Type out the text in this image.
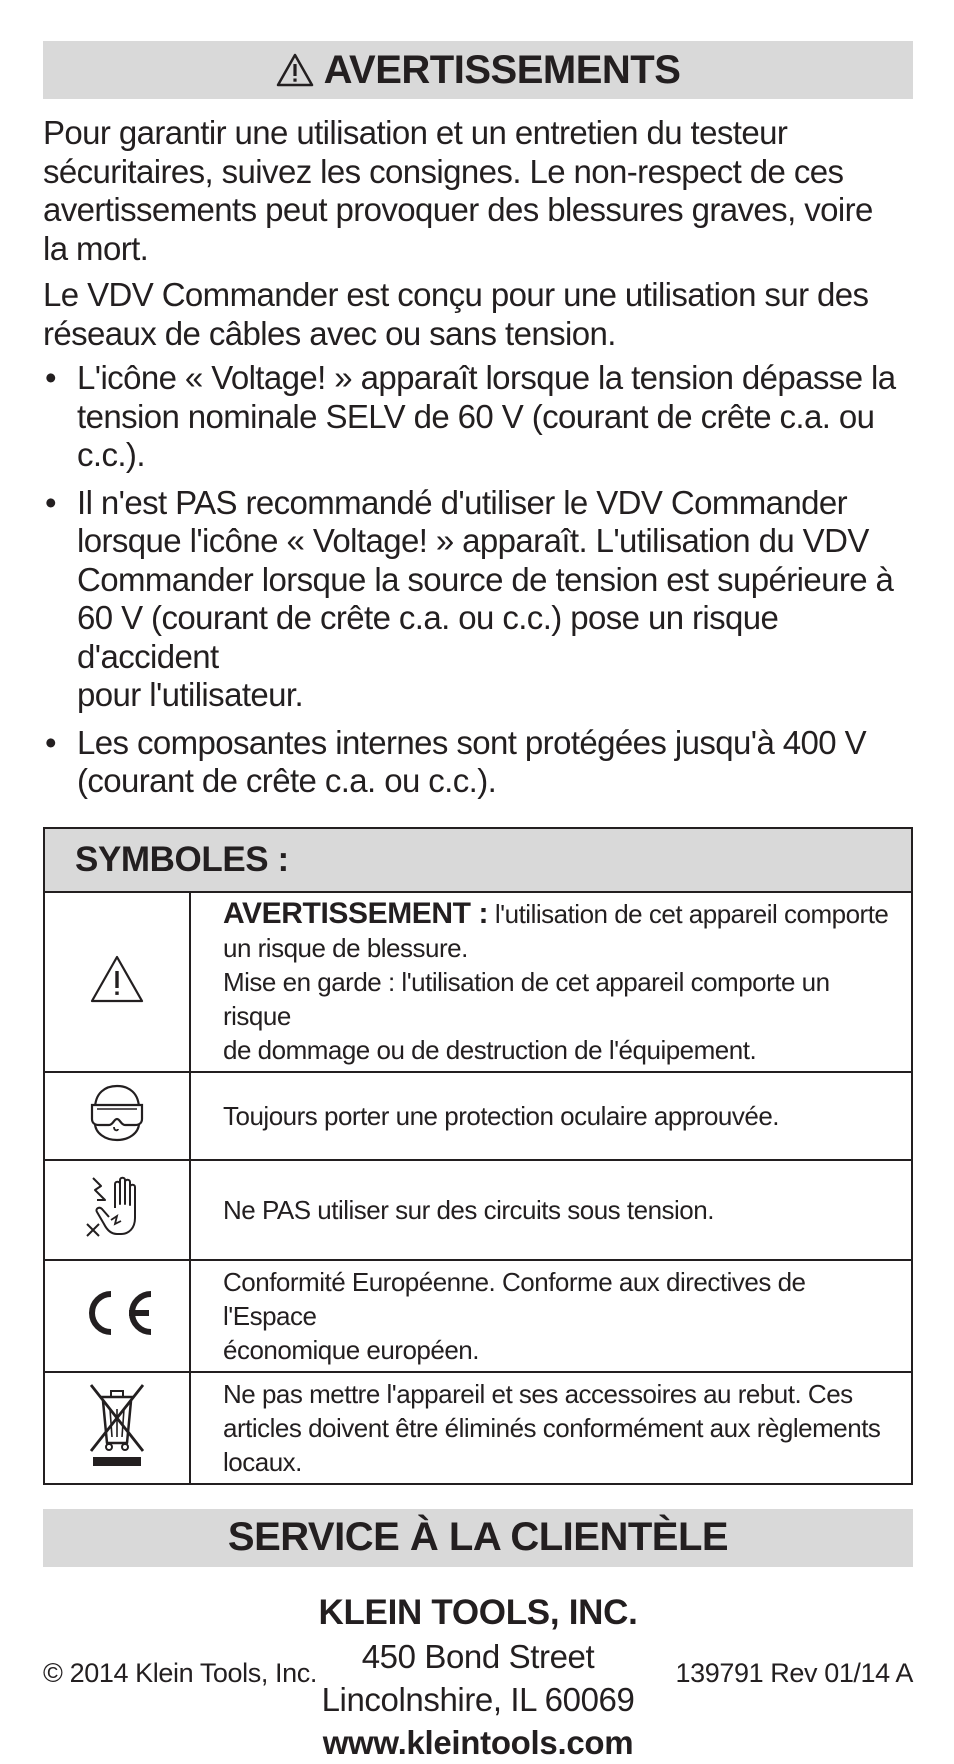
AVERTISSEMENTS

Pour garantir une utilisation et un entretien du testeur
sécuritaires, suivez les consignes. Le non-respect de ces
avertissements peut provoquer des blessures graves, voire
la mort.

Le VDV Commander est conçu pour une utilisation sur des
réseaux de câbles avec ou sans tension.

• L'icône « Voltage! » apparaît lorsque la tension dépasse la
tension nominale SELV de 60 V (courant de crête c.a. ou c.c.).
• Il n'est PAS recommandé d'utiliser le VDV Commander
lorsque l'icône « Voltage! » apparaît. L'utilisation du VDV
Commander lorsque la source de tension est supérieure à
60 V (courant de crête c.a. ou c.c.) pose un risque d'accident
pour l'utilisateur.
• Les composantes internes sont protégées jusqu'à 400 V
(courant de crête c.a. ou c.c.).
SYMBOLES :	
	AVERTISSEMENT : l'utilisation de cet appareil comporte
un risque de blessure.
Mise en garde : l'utilisation de cet appareil comporte un risque
de dommage ou de destruction de l'équipement.
	Toujours porter une protection oculaire approuvée.
	Ne PAS utiliser sur des circuits sous tension.
	Conformité Européenne. Conforme aux directives de l'Espace
économique européen.
	Ne pas mettre l'appareil et ses accessoires au rebut. Ces
articles doivent être éliminés conformément aux règlements
locaux.
SERVICE À LA CLIENTÈLE
KLEIN TOOLS, INC.
450 Bond Street
Lincolnshire, IL 60069
www.kleintools.com
© 2014 Klein Tools, Inc.	139791 Rev 01/14 A
